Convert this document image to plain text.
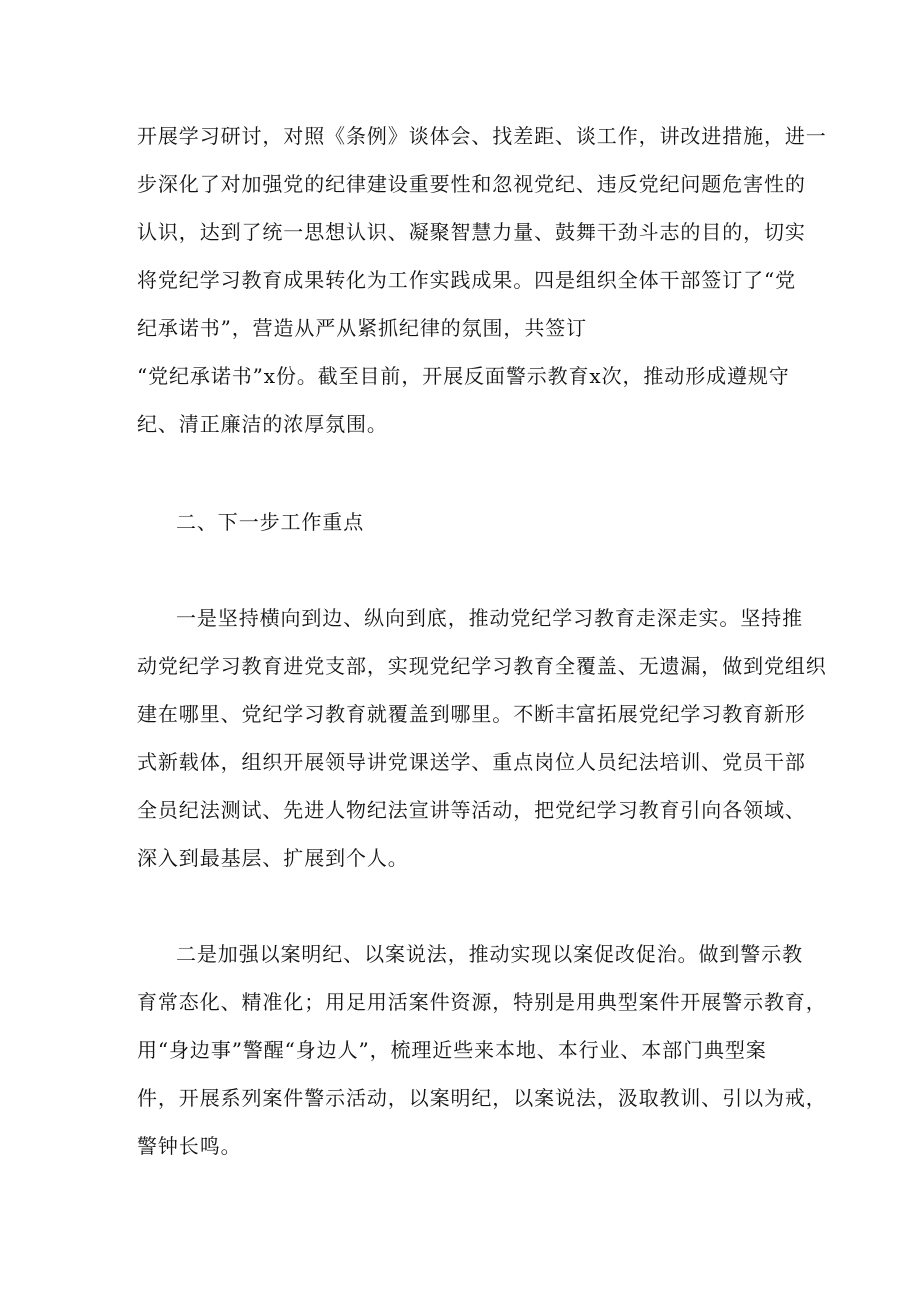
开展学习研讨，对照《条例》谈体会、找差距、谈工作，讲改进措施，进一

步深化了对加强党的纪律建设重要性和忽视党纪、违反党纪问题危害性的

认识，达到了统一思想认识、凝聚智慧力量、鼓舞干劲斗志的目的，切实

将党纪学习教育成果转化为工作实践成果。四是组织全体干部签订了“党

纪承诺书”，营造从严从紧抓纪律的氛围，共签订

“党纪承诺书”x份。截至目前，开展反面警示教育x次，推动形成遵规守

纪、清正廉洁的浓厚氛围。

二、下一步工作重点

一是坚持横向到边、纵向到底，推动党纪学习教育走深走实。坚持推

动党纪学习教育进党支部，实现党纪学习教育全覆盖、无遗漏，做到党组织

建在哪里、党纪学习教育就覆盖到哪里。不断丰富拓展党纪学习教育新形

式新载体，组织开展领导讲党课送学、重点岗位人员纪法培训、党员干部

全员纪法测试、先进人物纪法宣讲等活动，把党纪学习教育引向各领域、

深入到最基层、扩展到个人。

二是加强以案明纪、以案说法，推动实现以案促改促治。做到警示教

育常态化、精准化；用足用活案件资源，特别是用典型案件开展警示教育，

用“身边事”警醒“身边人”，梳理近些来本地、本行业、本部门典型案

件，开展系列案件警示活动，以案明纪，以案说法，汲取教训、引以为戒，

警钟长鸣。
